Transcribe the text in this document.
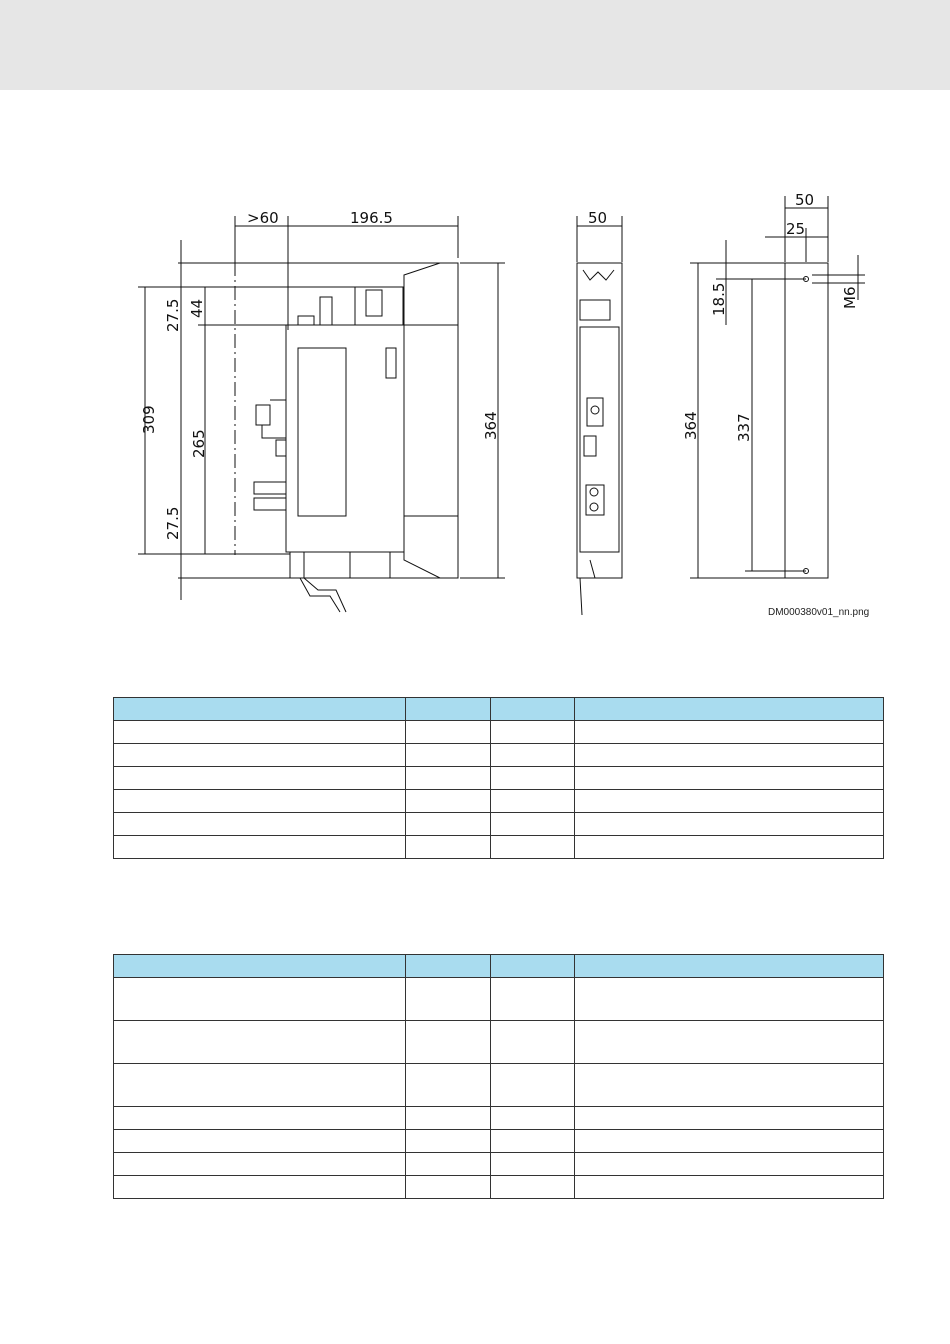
>60	196.5
27.5 44
309
265
27.5
364
50
50
25
18.5
364 337
M6
DM000380v01_nn.png
